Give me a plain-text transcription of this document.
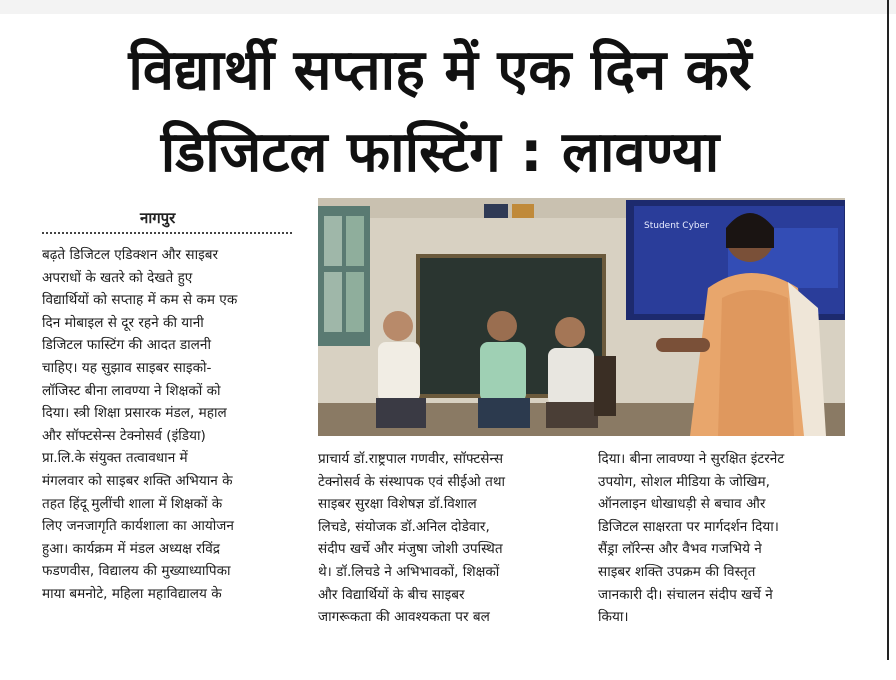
विद्यार्थी सप्ताह में एक दिन करें
डिजिटल फास्टिंग : लावण्या
नागपुर	Student Cyber
बढ़ते डिजिटल एडिक्शन और साइबर
अपराधों के खतरे को देखते हुए
विद्यार्थियों को सप्ताह में कम से कम एक
दिन मोबाइल से दूर रहने की यानी
डिजिटल फास्टिंग की आदत डालनी
चाहिए। यह सुझाव साइबर साइको-
लॉजिस्ट बीना लावण्या ने शिक्षकों को
दिया। स्त्री शिक्षा प्रसारक मंडल, महाल
और सॉफ्टसेन्स टेक्नोसर्व (इंडिया)
प्रा.लि.के संयुक्त तत्वावधान में
मंगलवार को साइबर शक्ति अभियान के
तहत हिंदू मुलींची शाला में शिक्षकों के
लिए जनजागृति कार्यशाला का आयोजन
हुआ। कार्यक्रम में मंडल अध्यक्ष रविंद्र
फडणवीस, विद्यालय की मुख्याध्यापिका
माया बमनोटे, महिला महाविद्यालय के
प्राचार्य डॉ.राष्ट्रपाल गणवीर, सॉफ्टसेन्स
टेक्नोसर्व के संस्थापक एवं सीईओ तथा
साइबर सुरक्षा विशेषज्ञ डॉ.विशाल
लिचडे, संयोजक डॉ.अनिल दोडेवार,
संदीप खर्चे और मंजुषा जोशी उपस्थित
थे। डॉ.लिचडे ने अभिभावकों, शिक्षकों
और विद्यार्थियों के बीच साइबर
जागरूकता की आवश्यकता पर बल
दिया। बीना लावण्या ने सुरक्षित इंटरनेट
उपयोग, सोशल मीडिया के जोखिम,
ऑनलाइन धोखाधड़ी से बचाव और
डिजिटल साक्षरता पर मार्गदर्शन दिया।
सैंड्रा लॉरेन्स और वैभव गजभिये ने
साइबर शक्ति उपक्रम की विस्तृत
जानकारी दी। संचालन संदीप खर्चे ने
किया।
